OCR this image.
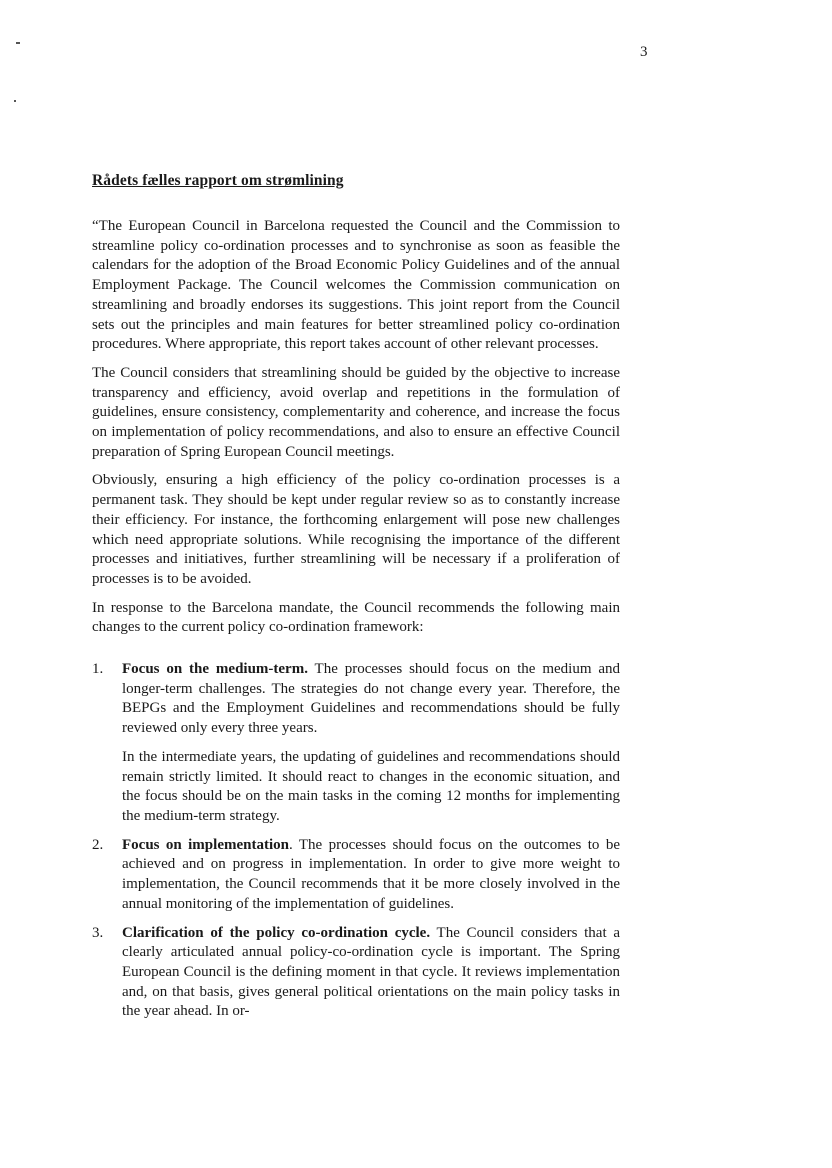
3
Rådets fælles rapport om strømlining

“The European Council in Barcelona requested the Council and the Commission to streamline policy co-ordination processes and to synchronise as soon as feasible the calendars for the adoption of the Broad Economic Policy Guidelines and of the annual Employment Package. The Council welcomes the Commission communication on streamlining and broadly endorses its suggestions. This joint report from the Council sets out the principles and main features for better streamlined policy co-ordination procedures. Where appropriate, this report takes account of other relevant processes.

The Council considers that streamlining should be guided by the objective to increase transparency and efficiency, avoid overlap and repetitions in the formulation of guidelines, ensure consistency, complementarity and coherence, and increase the focus on implementation of policy recommendations, and also to ensure an effective Council preparation of Spring European Council meetings.

Obviously, ensuring a high efficiency of the policy co-ordination processes is a permanent task. They should be kept under regular review so as to constantly increase their efficiency. For instance, the forthcoming enlargement will pose new challenges which need appropriate solutions. While recognising the importance of the different processes and initiatives, further streamlining will be necessary if a proliferation of processes is to be avoided.

In response to the Barcelona mandate, the Council recommends the following main changes to the current policy co-ordination framework:

1. Focus on the medium-term. The processes should focus on the medium and longer-term challenges. The strategies do not change every year. Therefore, the BEPGs and the Employment Guidelines and recommendations should be fully reviewed only every three years.

In the intermediate years, the updating of guidelines and recommendations should remain strictly limited. It should react to changes in the economic situation, and the focus should be on the main tasks in the coming 12 months for implementing the medium-term strategy.

2. Focus on implementation. The processes should focus on the outcomes to be achieved and on progress in implementation. In order to give more weight to implementation, the Council recommends that it be more closely involved in the annual monitoring of the implementation of guidelines.

3. Clarification of the policy co-ordination cycle. The Council considers that a clearly articulated annual policy-co-ordination cycle is important. The Spring European Council is the defining moment in that cycle. It reviews implementation and, on that basis, gives general political orientations on the main policy tasks in the year ahead. In or-
